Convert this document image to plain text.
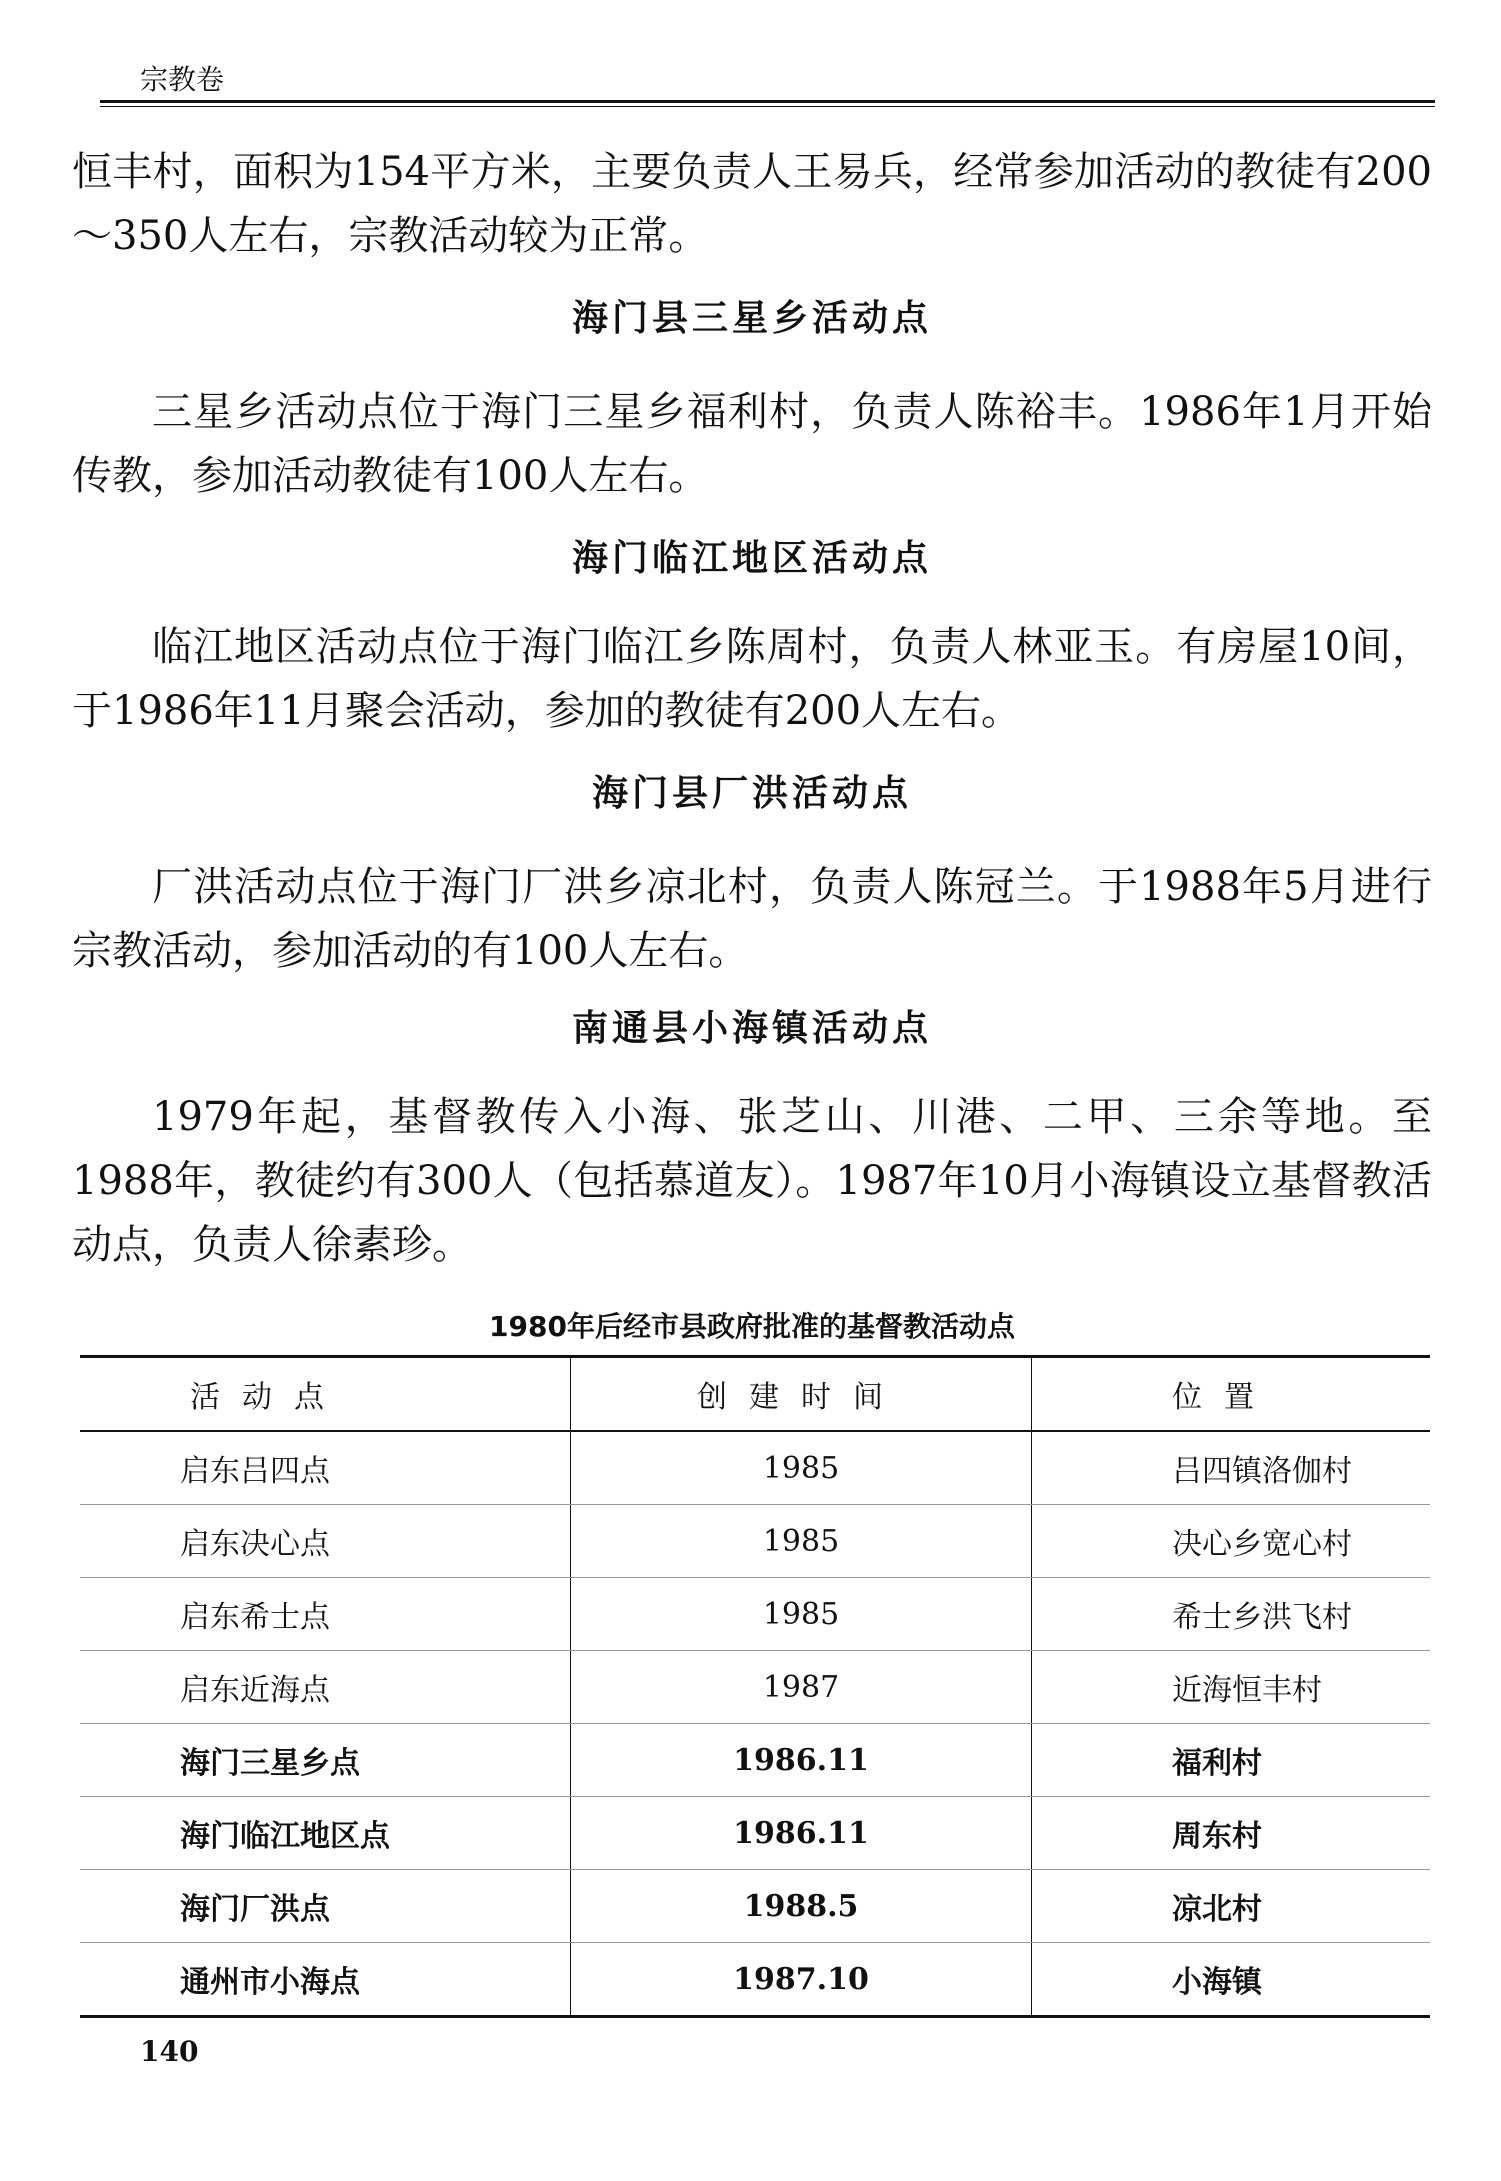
宗教卷

恒丰村，面积为154平方米，主要负责人王易兵，经常参加活动的教徒有200～350人左右，宗教活动较为正常。

海门县三星乡活动点

三星乡活动点位于海门三星乡福利村，负责人陈裕丰。1986年1月开始传教，参加活动教徒有100人左右。

海门临江地区活动点

临江地区活动点位于海门临江乡陈周村，负责人林亚玉。有房屋10间，于1986年11月聚会活动，参加的教徒有200人左右。

海门县厂洪活动点

厂洪活动点位于海门厂洪乡凉北村，负责人陈冠兰。于1988年5月进行宗教活动，参加活动的有100人左右。

南通县小海镇活动点

1979年起，基督教传入小海、张芝山、川港、二甲、三余等地。至1988年，教徒约有300人（包括慕道友）。1987年10月小海镇设立基督教活动点，负责人徐素珍。

1980年后经市县政府批准的基督教活动点
活动点	创建时间	位置
启东吕四点	1985	吕四镇洛伽村
启东决心点	1985	决心乡宽心村
启东希士点	1985	希士乡洪飞村
启东近海点	1987	近海恒丰村
海门三星乡点	1986.11	福利村
海门临江地区点	1986.11	周东村
海门厂洪点	1988.5	凉北村
通州市小海点	1987.10	小海镇
140
